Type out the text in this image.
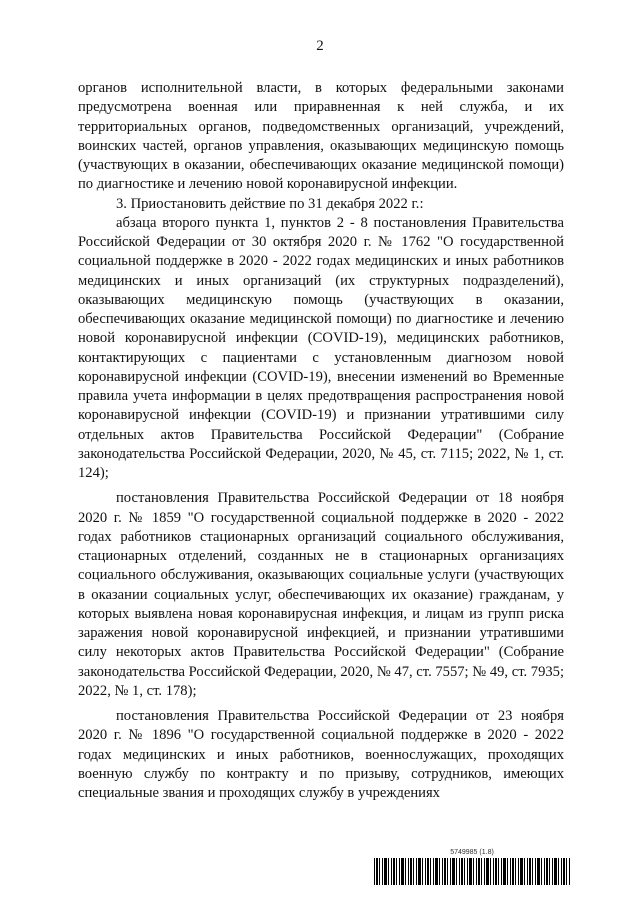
2

органов исполнительной власти, в которых федеральными законами предусмотрена военная или приравненная к ней служба, и их территориальных органов, подведомственных организаций, учреждений, воинских частей, органов управления, оказывающих медицинскую помощь (участвующих в оказании, обеспечивающих оказание медицинской помощи) по диагностике и лечению новой коронавирусной инфекции.

3. Приостановить действие по 31 декабря 2022 г.:

абзаца второго пункта 1, пунктов 2 - 8 постановления Правительства Российской Федерации от 30 октября 2020 г. № 1762 "О государственной социальной поддержке в 2020 - 2022 годах медицинских и иных работников медицинских и иных организаций (их структурных подразделений), оказывающих медицинскую помощь (участвующих в оказании, обеспечивающих оказание медицинской помощи) по диагностике и лечению новой коронавирусной инфекции (COVID-19), медицинских работников, контактирующих с пациентами с установленным диагнозом новой коронавирусной инфекции (COVID-19), внесении изменений во Временные правила учета информации в целях предотвращения распространения новой коронавирусной инфекции (COVID-19) и признании утратившими силу отдельных актов Правительства Российской Федерации" (Собрание законодательства Российской Федерации, 2020, № 45, ст. 7115; 2022, № 1, ст. 124);

постановления Правительства Российской Федерации от 18 ноября 2020 г. № 1859 "О государственной социальной поддержке в 2020 - 2022 годах работников стационарных организаций социального обслуживания, стационарных отделений, созданных не в стационарных организациях социального обслуживания, оказывающих социальные услуги (участвующих в оказании социальных услуг, обеспечивающих их оказание) гражданам, у которых выявлена новая коронавирусная инфекция, и лицам из групп риска заражения новой коронавирусной инфекцией, и признании утратившими силу некоторых актов Правительства Российской Федерации" (Собрание законодательства Российской Федерации, 2020, № 47, ст. 7557; № 49, ст. 7935; 2022, № 1, ст. 178);

постановления Правительства Российской Федерации от 23 ноября 2020 г. № 1896 "О государственной социальной поддержке в 2020 - 2022 годах медицинских и иных работников, военнослужащих, проходящих военную службу по контракту и по призыву, сотрудников, имеющих специальные звания и проходящих службу в учреждениях

5749985 (1.8)
